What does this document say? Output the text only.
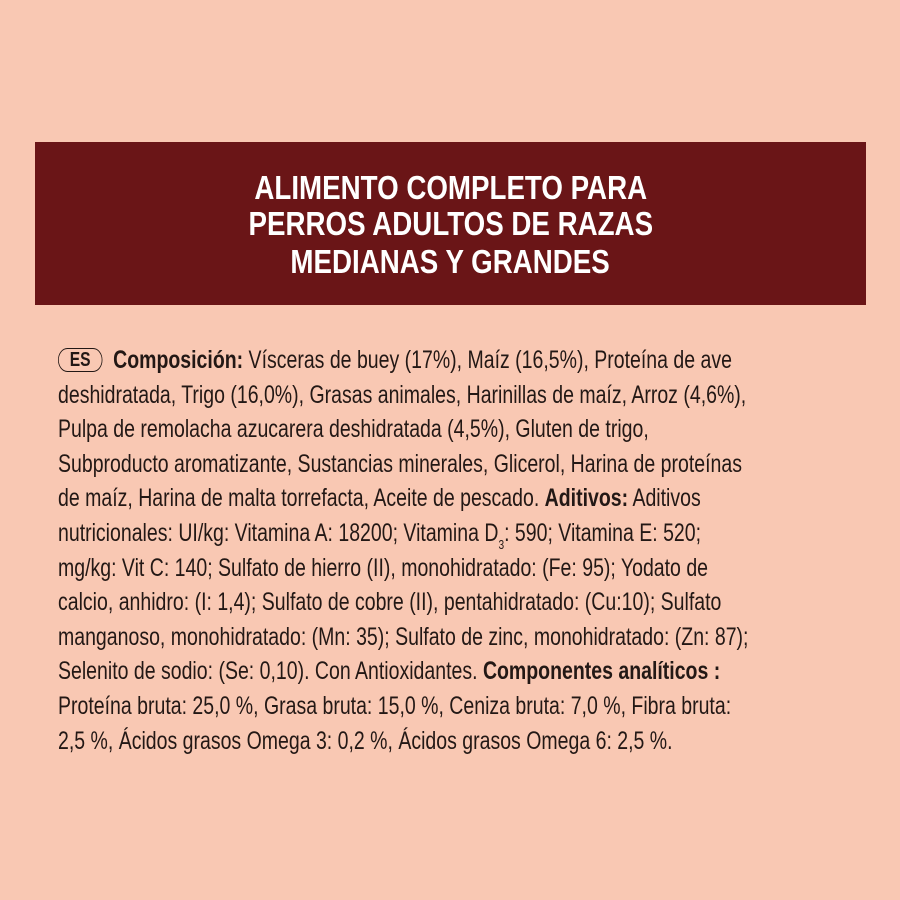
ALIMENTO COMPLETO PARA
PERROS ADULTOS DE RAZAS
MEDIANAS Y GRANDES
ES Composición: Vísceras de buey (17%), Maíz (16,5%), Proteína de ave
deshidratada, Trigo (16,0%), Grasas animales, Harinillas de maíz, Arroz (4,6%),
Pulpa de remolacha azucarera deshidratada (4,5%), Gluten de trigo,
Subproducto aromatizante, Sustancias minerales, Glicerol, Harina de proteínas
de maíz, Harina de malta torrefacta, Aceite de pescado. Aditivos: Aditivos
nutricionales: UI/kg: Vitamina A: 18200; Vitamina $D_3$: 590; Vitamina E: 520;
mg/kg: Vit C: 140; Sulfato de hierro (II), monohidratado: (Fe: 95); Yodato de
calcio, anhidro: (I: 1,4); Sulfato de cobre (II), pentahidratado: (Cu:10); Sulfato
manganoso, monohidratado: (Mn: 35); Sulfato de zinc, monohidratado: (Zn: 87);
Selenito de sodio: (Se: 0,10). Con Antioxidantes. Componentes analíticos :
Proteína bruta: 25,0 %, Grasa bruta: 15,0 %, Ceniza bruta: 7,0 %, Fibra bruta:
2,5 %, Ácidos grasos Omega 3: 0,2 %, Ácidos grasos Omega 6: 2,5 %.
